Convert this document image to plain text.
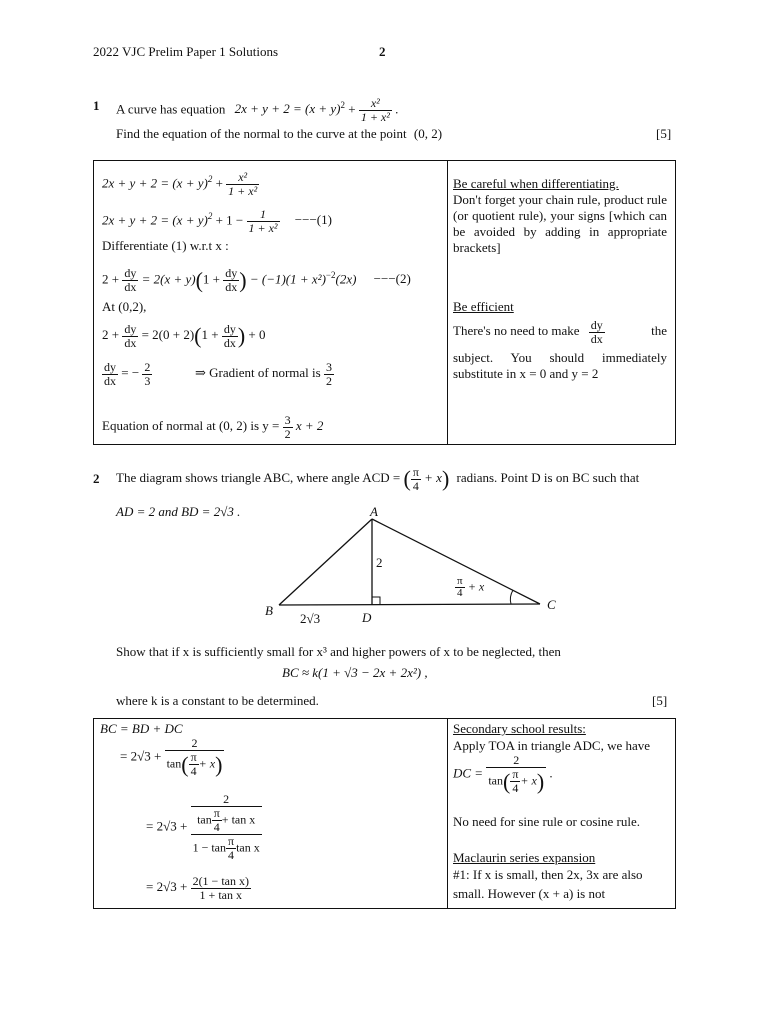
2022 VJC Prelim Paper 1 Solutions	2
1 A curve has equation $2x + y + 2 = (x + y)^2 + \frac{\text{x²}}{\text{1 + x²}}$ .
Find the equation of the normal to the curve at the point (0, 2)	[5]
$2x + y + 2 = (x + y)^2 + \frac{\text{x²}}{\text{1 + x²}}$
$2x + y + 2 = (x + y)^2 + 1 - \frac{1}{\text{1 + x²}} ---(1)$
Differentiate (1) w.r.t x :
$2 + \frac{dy}{dx} = 2(x + y)(1 + \frac{dy}{dx}$ ) − $(-1)(1 + x^2)^{-2}(2x) ---(2)$
At (0,2),
$2 + \frac{dy}{dx} = 2(0 + 2)(1 + \frac{dy}{dx}$ ) + 0
$\frac{dy}{dx}$ = − $\frac{2}{3}$	⇒ Gradient of normal is $\frac{3}{2}$
Equation of normal at (0, 2) is $y = \frac{3}{2}$ x + 2
Be careful when differentiating.
Don't forget your chain rule, product rule (or quotient rule), your signs [which can be avoided by adding in appropriate brackets]
Be efficient
There's no need to make $\frac{dy}{dx}$	the
subject. You should immediately
substitute in x = 0 and y = 2
2 The diagram shows triangle ABC, where angle ACD = ( $\frac{\pi}{4} + x$) radians. Point D is on BC such that
AD = 2 and BD = 2√3 .	A
B	C
D
2
2√3
$\frac{\pi}{4} + x$
Show that if x is sufficiently small for x³ and higher powers of x to be neglected, then
BC ≈ k(1 + √3 − 2x + 2x²) ,
where k is a constant to be determined.	[5]
BC = BD + DC
= $2√3 + \frac{2}{\tan( \frac{\pi}{4} + x)}$
= 2√3 +
2
$\tan \frac{\pi}{4} + \tan x$
$1 - \tan \frac{\pi}{4}$ tan x
= $2√3 + \frac{\text{2(1 − tan x)}}{\text{1 + tan x}}$
Secondary school results:
Apply TOA in triangle ADC, we have
DC = $\frac{2}{\tan( \frac{\pi}{4} + x)}$ .
No need for sine rule or cosine rule.
Maclaurin series expansion
#1: If x is small, then 2x, 3x are also
small. However (x + a) is not
